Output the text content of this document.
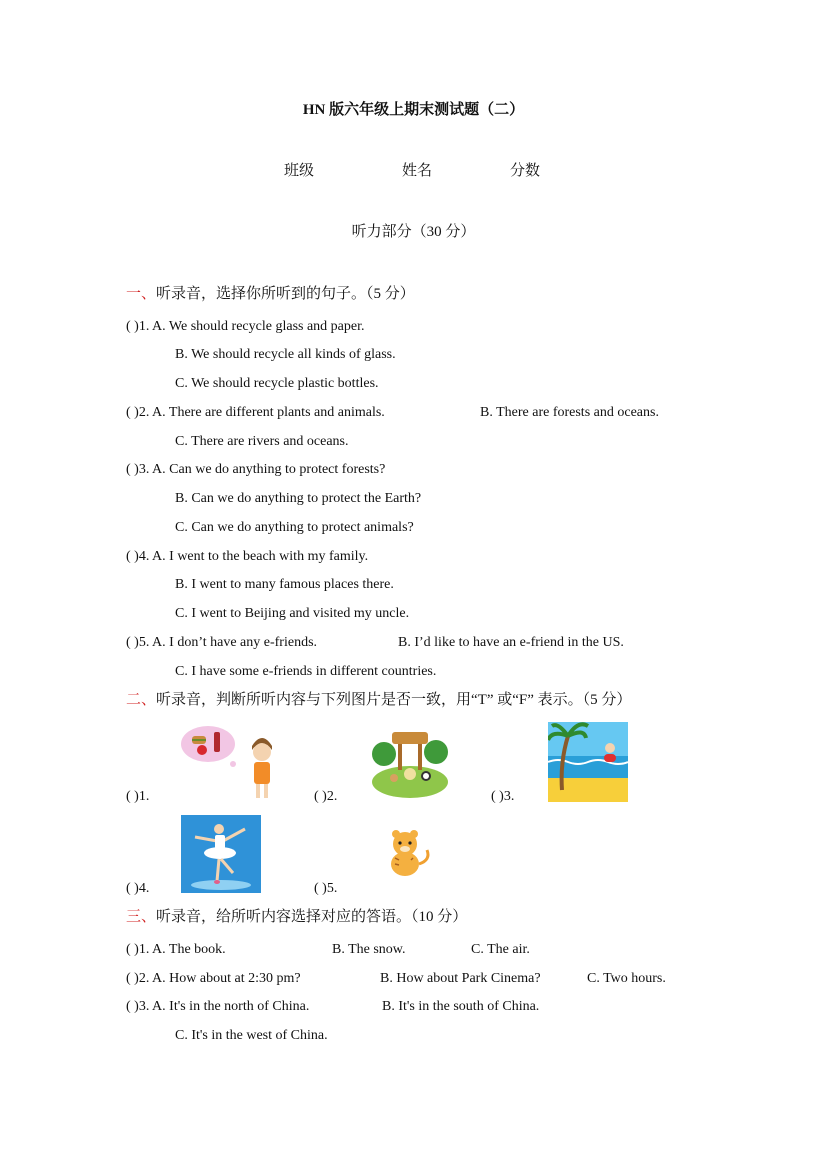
HN 版六年级上期末测试题（二）
班级	姓名	分数
听力部分（30 分）
一、听录音，选择你所听到的句子。（5 分）
( )1. A. We should recycle glass and paper.
B. We should recycle all kinds of glass.
C. We should recycle plastic bottles.
( )2. A. There are different plants and animals.	B. There are forests and oceans.
C. There are rivers and oceans.
( )3. A. Can we do anything to protect forests?
B. Can we do anything to protect the Earth?
C. Can we do anything to protect animals?
( )4. A. I went to the beach with my family.
B. I went to many famous places there.
C. I went to Beijing and visited my uncle.
( )5. A. I don’t have any e-friends.	B. I’d like to have an e-friend in the US.
C. I have some e-friends in different countries.
二、听录音，判断所听内容与下列图片是否一致，用“T” 或“F” 表示。（5 分）
( )1.	( )2.	( )3.
( )4.	( )5.
三、听录音，给所听内容选择对应的答语。（10 分）
( )1. A. The book.	B. The snow.	C. The air.
( )2. A. How about at 2:30 pm?	B. How about Park Cinema?	C. Two hours.
( )3. A. It's in the north of China.	B. It's in the south of China.
C. It's in the west of China.
